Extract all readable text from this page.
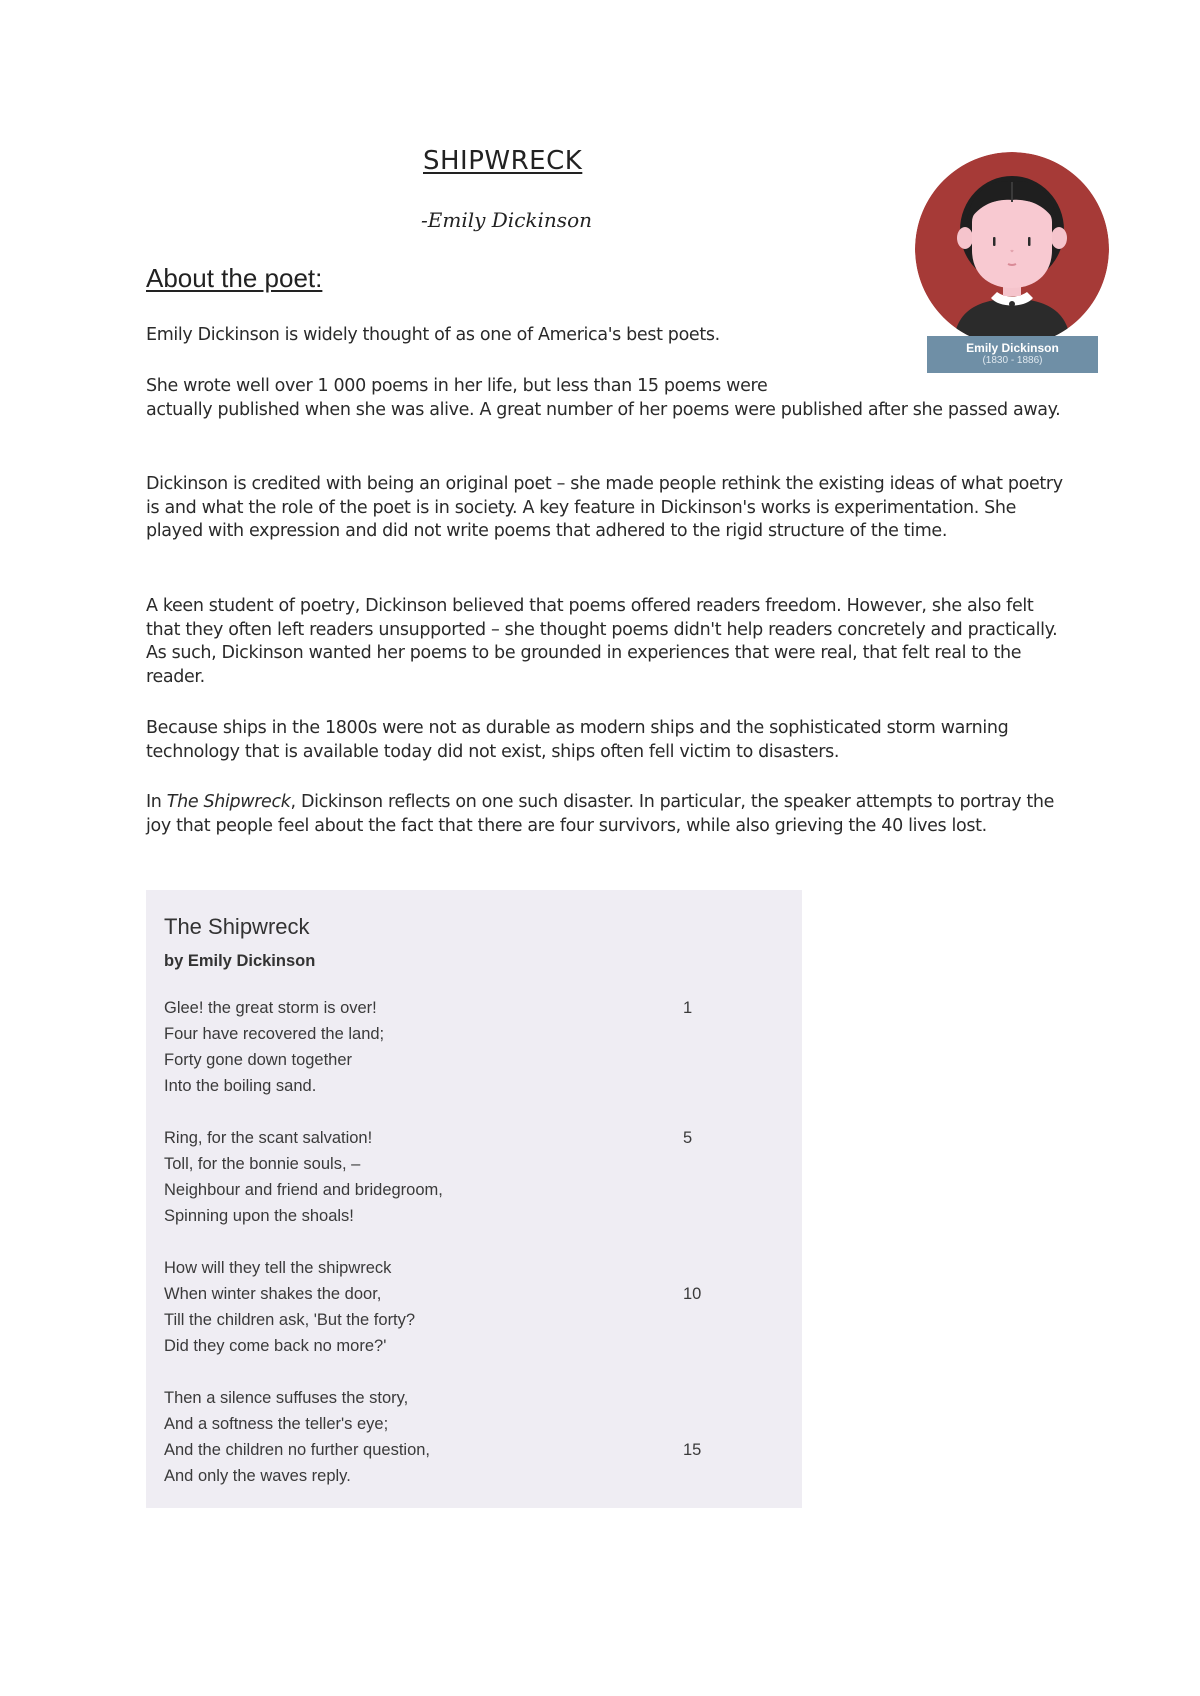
SHIPWRECK

-Emily Dickinson

About the poet:

Emily Dickinson is widely thought of as one of America's best poets.

She wrote well over 1 000 poems in her life, but less than 15 poems were
actually published when she was alive. A great number of her poems were published after she passed away.

Dickinson is credited with being an original poet – she made people rethink the existing ideas of what poetry is and what the role of the poet is in society. A key feature in Dickinson's works is experimentation. She played with expression and did not write poems that adhered to the rigid structure of the time.

A keen student of poetry, Dickinson believed that poems offered readers freedom. However, she also felt that they often left readers unsupported – she thought poems didn't help readers concretely and practically. As such, Dickinson wanted her poems to be grounded in experiences that were real, that felt real to the reader.

Because ships in the 1800s were not as durable as modern ships and the sophisticated storm warning technology that is available today did not exist, ships often fell victim to disasters.

In The Shipwreck, Dickinson reflects on one such disaster. In particular, the speaker attempts to portray the joy that people feel about the fact that there are four survivors, while also grieving the 40 lives lost.

Emily Dickinson
(1830 - 1886)

The Shipwreck

by Emily Dickinson

Glee! the great storm is over!
Four have recovered the land;
Forty gone down together
Into the boiling sand.
Ring, for the scant salvation!
Toll, for the bonnie souls, –
Neighbour and friend and bridegroom,
Spinning upon the shoals!
How will they tell the shipwreck
When winter shakes the door,
Till the children ask, 'But the forty?
Did they come back no more?'
Then a silence suffuses the story,
And a softness the teller's eye;
And the children no further question,
And only the waves reply.
1
5
10
15
